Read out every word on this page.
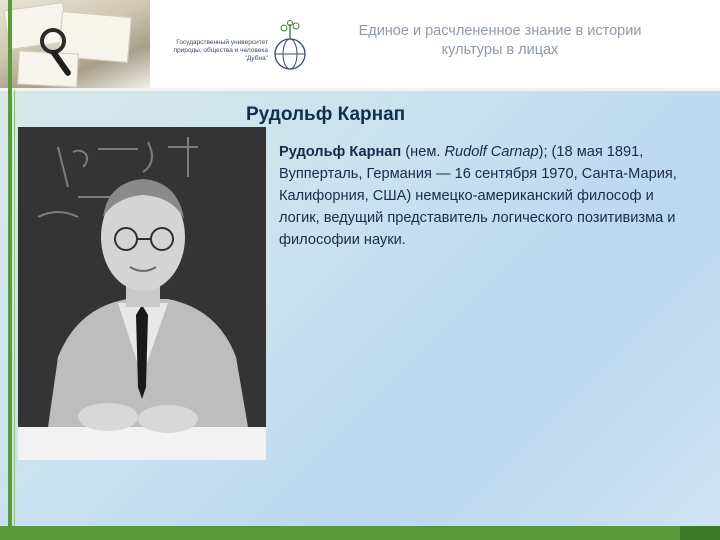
Государственный университет природы, общества и человека "Дубна"
Единое и расчлененное знание в истории культуры в лицах
Рудольф Карнап
Рудольф Карнап (нем. Rudolf Carnap); (18 мая 1891, Вупперталь, Германия — 16 сентября 1970, Санта-Мария, Калифорния, США) немецко-американский философ и логик, ведущий представитель логического позитивизма и философии науки.
